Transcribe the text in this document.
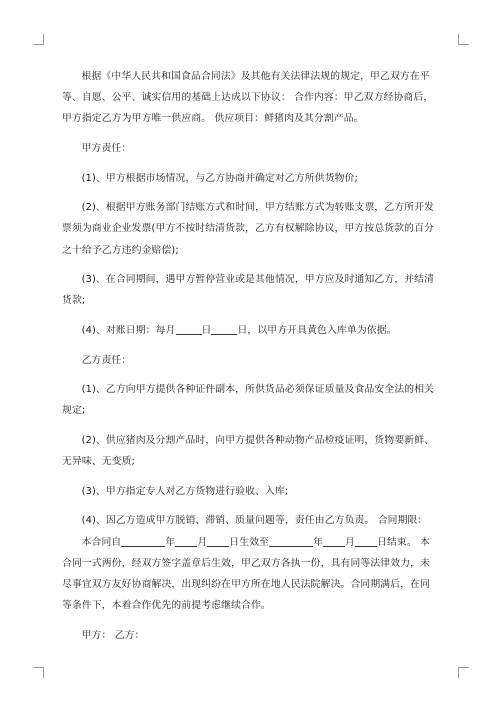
根据《中华人民共和国食品合同法》及其他有关法律法规的规定，甲乙双方在平等、自愿、公平、诚实信用的基础上达成以下协议： 合作内容：甲乙双方经协商后，甲方指定乙方为甲方唯一供应商。 供应项目：鲜猪肉及其分割产品。

甲方责任：

(1)、甲方根据市场情况，与乙方协商并确定对乙方所供货物价;

(2)、根据甲方账务部门结账方式和时间，甲方结账方式为转账支票，乙方所开发票须为商业企业发票(甲方不按时结清货款，乙方有权解除协议，甲方按总货款的百分之十给予乙方违约金赔偿);

(3)、在合同期间，遇甲方暂停营业或是其他情况，甲方应及时通知乙方，并结清货款;

(4)、对账日期：每月	日	日，以甲方开具黄色入库单为依据。

乙方责任：

(1)、乙方向甲方提供各种证件副本，所供货品必须保证质量及食品安全法的相关规定;

(2)、供应猪肉及分割产品时，向甲方提供各种动物产品检疫证明，货物要新鲜、无异味、无变质;

(3)、甲方指定专人对乙方货物进行验收、入库;

(4)、因乙方造成甲方脱销、滞销、质量问题等，责任由乙方负责。 合同期限：

本合同自	年 月 日生效至	年 月 日结束。 本合同一式两份，经双方签字盖章后生效，甲乙双方各执一份，具有同等法律效力，未尽事宜双方友好协商解决，出现纠纷在甲方所在地人民法院解决。合同期满后，在同等条件下，本着合作优先的前提考虑继续合作。

甲方： 乙方：
